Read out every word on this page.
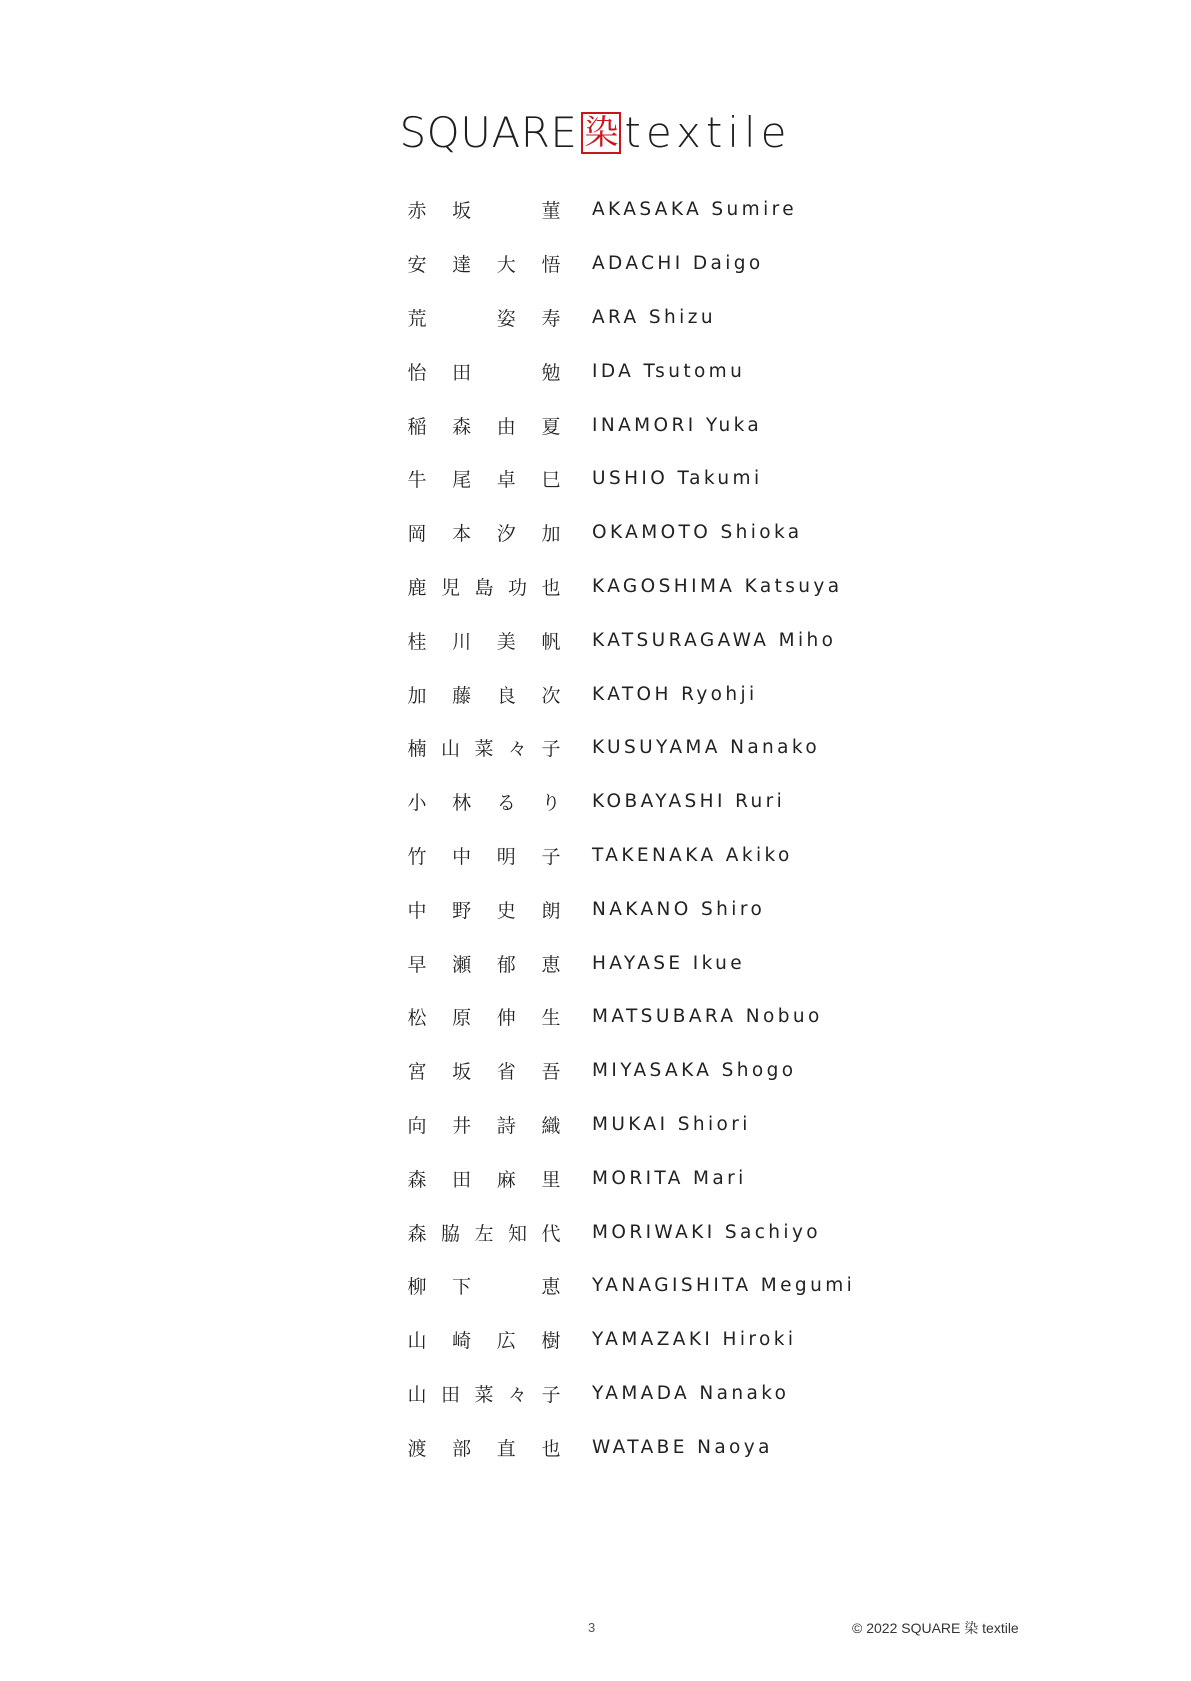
SQUARE 染 textile
赤 坂	菫 AKASAKA Sumire
安 達 大 悟 ADACHI Daigo
荒	姿 寿 ARA Shizu
怡 田	勉 IDA Tsutomu
稲 森 由 夏 INAMORI Yuka
牛 尾 卓 巳 USHIO Takumi
岡 本 汐 加 OKAMOTO Shioka
鹿 児 島 功 也 KAGOSHIMA Katsuya
桂 川 美 帆 KATSURAGAWA Miho
加 藤 良 次 KATOH Ryohji
楠 山 菜 々 子 KUSUYAMA Nanako
小 林 る り KOBAYASHI Ruri
竹 中 明 子 TAKENAKA Akiko
中 野 史 朗 NAKANO Shiro
早 瀬 郁 恵 HAYASE Ikue
松 原 伸 生 MATSUBARA Nobuo
宮 坂 省 吾 MIYASAKA Shogo
向 井 詩 織 MUKAI Shiori
森 田 麻 里 MORITA Mari
森 脇 左 知 代 MORIWAKI Sachiyo
柳 下	恵 YANAGISHITA Megumi
山 崎 広 樹 YAMAZAKI Hiroki
山 田 菜 々 子 YAMADA Nanako
渡 部 直 也 WATABE Naoya
3	© 2022 SQUARE 染 textile
